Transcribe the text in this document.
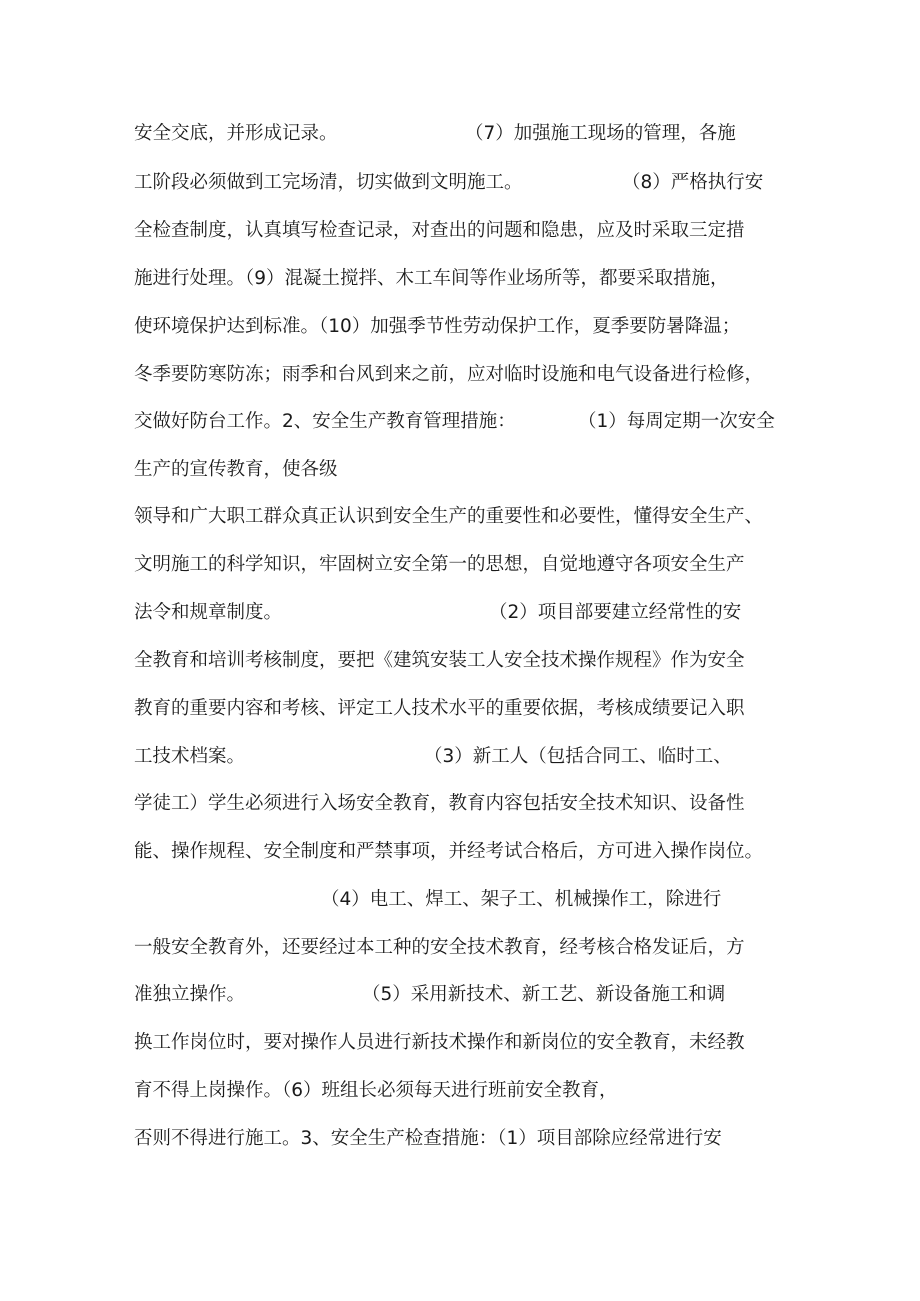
安全交底，并形成记录。	（7）加强施工现场的管理，各施
工阶段必须做到工完场清，切实做到文明施工。	（8）严格执行安
全检查制度，认真填写检查记录，对查出的问题和隐患，应及时采取三定措
施进行处理。（9）混凝土搅拌、木工车间等作业场所等，都要采取措施，
使环境保护达到标准。（10）加强季节性劳动保护工作，夏季要防暑降温；
冬季要防寒防冻；雨季和台风到来之前，应对临时设施和电气设备进行检修，
交做好防台工作。2、安全生产教育管理措施：	（1）每周定期一次安全
生产的宣传教育，使各级
领导和广大职工群众真正认识到安全生产的重要性和必要性，懂得安全生产、
文明施工的科学知识，牢固树立安全第一的思想，自觉地遵守各项安全生产
法令和规章制度。	（2）项目部要建立经常性的安
全教育和培训考核制度，要把《建筑安装工人安全技术操作规程》作为安全
教育的重要内容和考核、评定工人技术水平的重要依据，考核成绩要记入职
工技术档案。	（3）新工人（包括合同工、临时工、
学徒工）学生必须进行入场安全教育，教育内容包括安全技术知识、设备性
能、操作规程、安全制度和严禁事项，并经考试合格后，方可进入操作岗位。
（4）电工、焊工、架子工、机械操作工，除进行
一般安全教育外，还要经过本工种的安全技术教育，经考核合格发证后，方
准独立操作。	（5）采用新技术、新工艺、新设备施工和调
换工作岗位时，要对操作人员进行新技术操作和新岗位的安全教育，未经教
育不得上岗操作。（6）班组长必须每天进行班前安全教育，
否则不得进行施工。3、安全生产检查措施：（1）项目部除应经常进行安
